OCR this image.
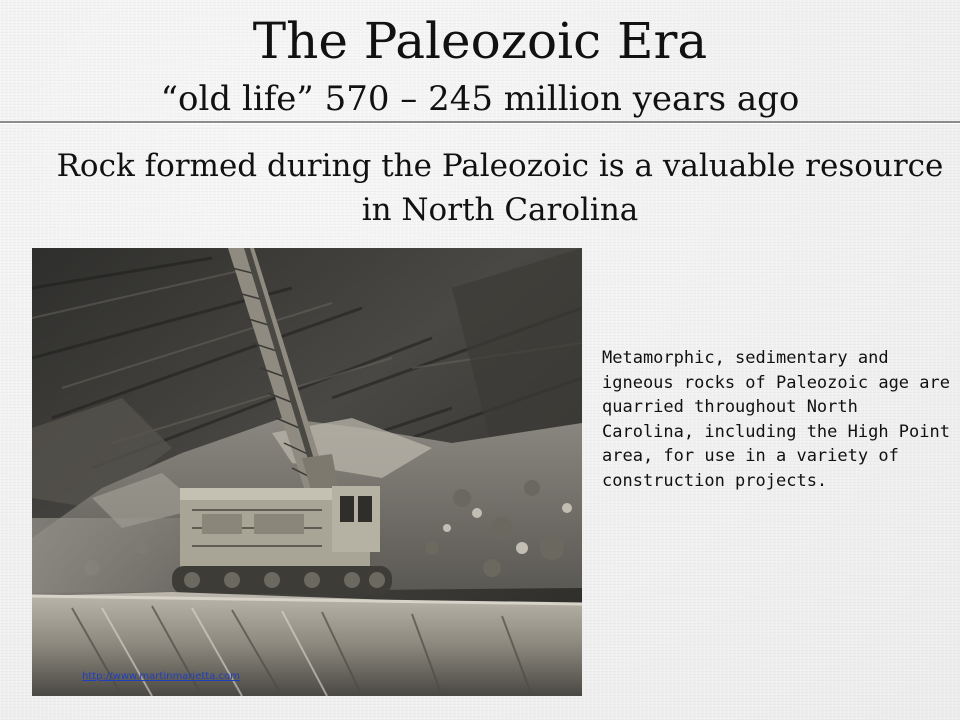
The Paleozoic Era
“old life” 570 – 245 million years ago
Rock formed during the Paleozoic is a valuable resource in North Carolina
http://www.martinmarietta.com
Metamorphic, sedimentary and igneous rocks of Paleozoic age are quarried throughout North Carolina, including the High Point area, for use in a variety of construction projects.
